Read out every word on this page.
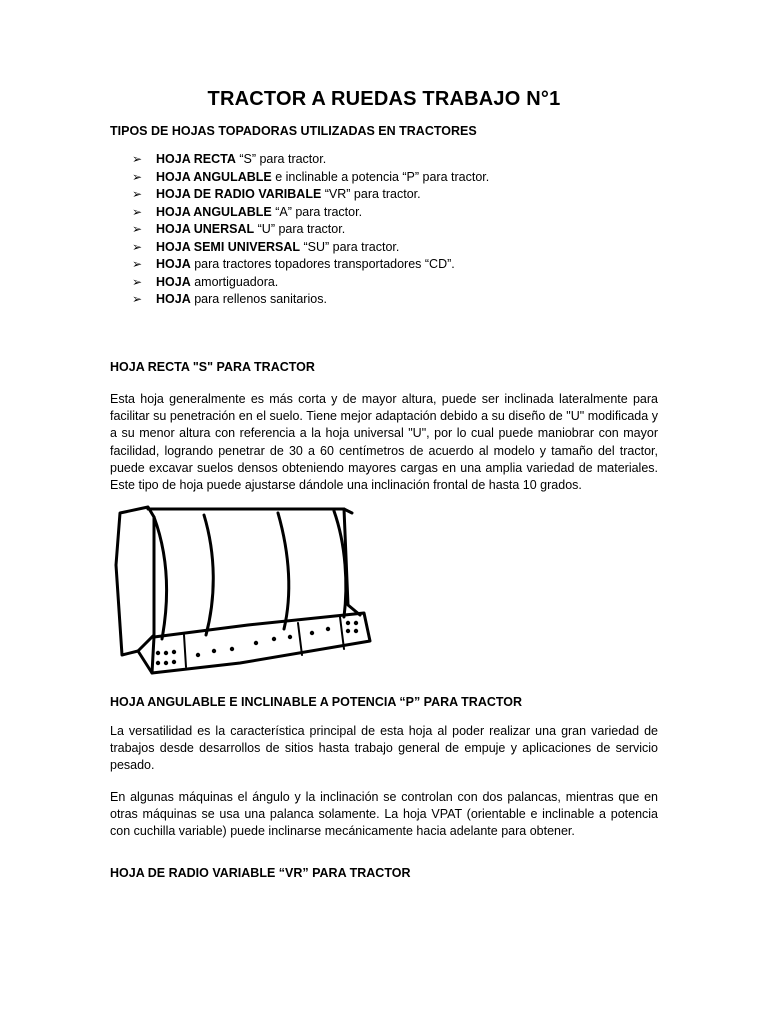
TRACTOR A RUEDAS TRABAJO N°1
TIPOS DE HOJAS TOPADORAS UTILIZADAS EN TRACTORES
➢ HOJA RECTA “S” para tractor.
➢ HOJA ANGULABLE e inclinable a potencia “P” para tractor.
➢ HOJA DE RADIO VARIBALE “VR” para tractor.
➢ HOJA ANGULABLE “A” para tractor.
➢ HOJA UNERSAL “U” para tractor.
➢ HOJA SEMI UNIVERSAL “SU” para tractor.
➢ HOJA para tractores topadores transportadores “CD”.
➢ HOJA amortiguadora.
➢ HOJA para rellenos sanitarios.
HOJA RECTA "S" PARA TRACTOR

Esta hoja generalmente es más corta y de mayor altura, puede ser inclinada lateralmente para facilitar su penetración en el suelo. Tiene mejor adaptación debido a su diseño de "U" modificada y a su menor altura con referencia a la hoja universal "U", por lo cual puede maniobrar con mayor facilidad, logrando penetrar de 30 a 60 centímetros de acuerdo al modelo y tamaño del tractor, puede excavar suelos densos obteniendo mayores cargas en una amplia variedad de materiales. Este tipo de hoja puede ajustarse dándole una inclinación frontal de hasta 10 grados.

HOJA ANGULABLE E INCLINABLE A POTENCIA “P” PARA TRACTOR

La versatilidad es la característica principal de esta hoja al poder realizar una gran variedad de trabajos desde desarrollos de sitios hasta trabajo general de empuje y aplicaciones de servicio pesado.

En algunas máquinas el ángulo y la inclinación se controlan con dos palancas, mientras que en otras máquinas se usa una palanca solamente. La hoja VPAT (orientable e inclinable a potencia con cuchilla variable) puede inclinarse mecánicamente hacia adelante para obtener.

HOJA DE RADIO VARIABLE “VR” PARA TRACTOR
